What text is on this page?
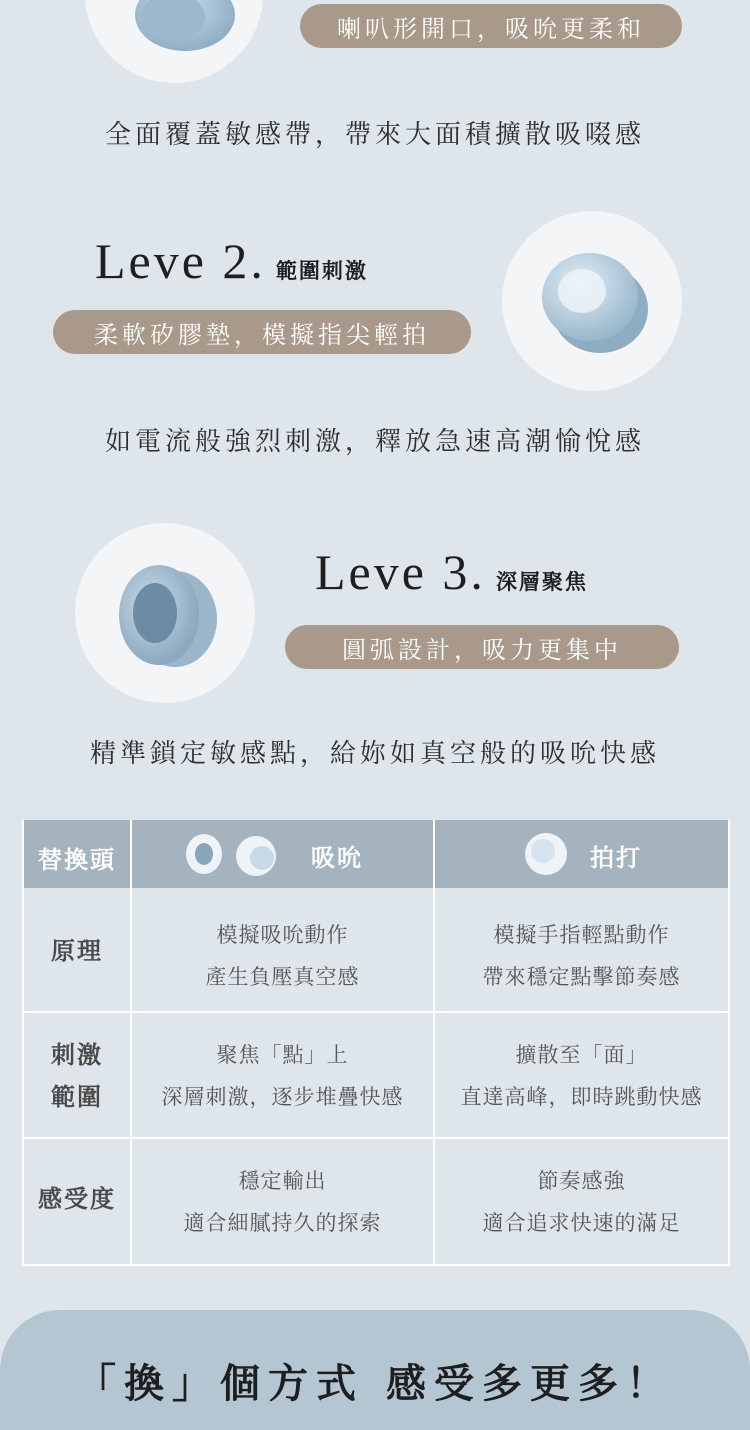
喇叭形開口，吸吮更柔和
全面覆蓋敏感帶，帶來大面積擴散吸啜感
Leve 2. 範圍刺激
柔軟矽膠墊，模擬指尖輕拍
如電流般強烈刺激，釋放急速高潮愉悅感
Leve 3. 深層聚焦
圓弧設計，吸力更集中
精準鎖定敏感點，給妳如真空般的吸吮快感
替換頭	吸吮	拍打
原理
模擬吸吮動作
產生負壓真空感
模擬手指輕點動作
帶來穩定點擊節奏感
刺激
範圍
聚焦「點」上
深層刺激，逐步堆疊快感
擴散至「面」
直達高峰，即時跳動快感
感受度
穩定輸出
適合細膩持久的探索
節奏感強
適合追求快速的滿足
「換」個方式 感受多更多！
